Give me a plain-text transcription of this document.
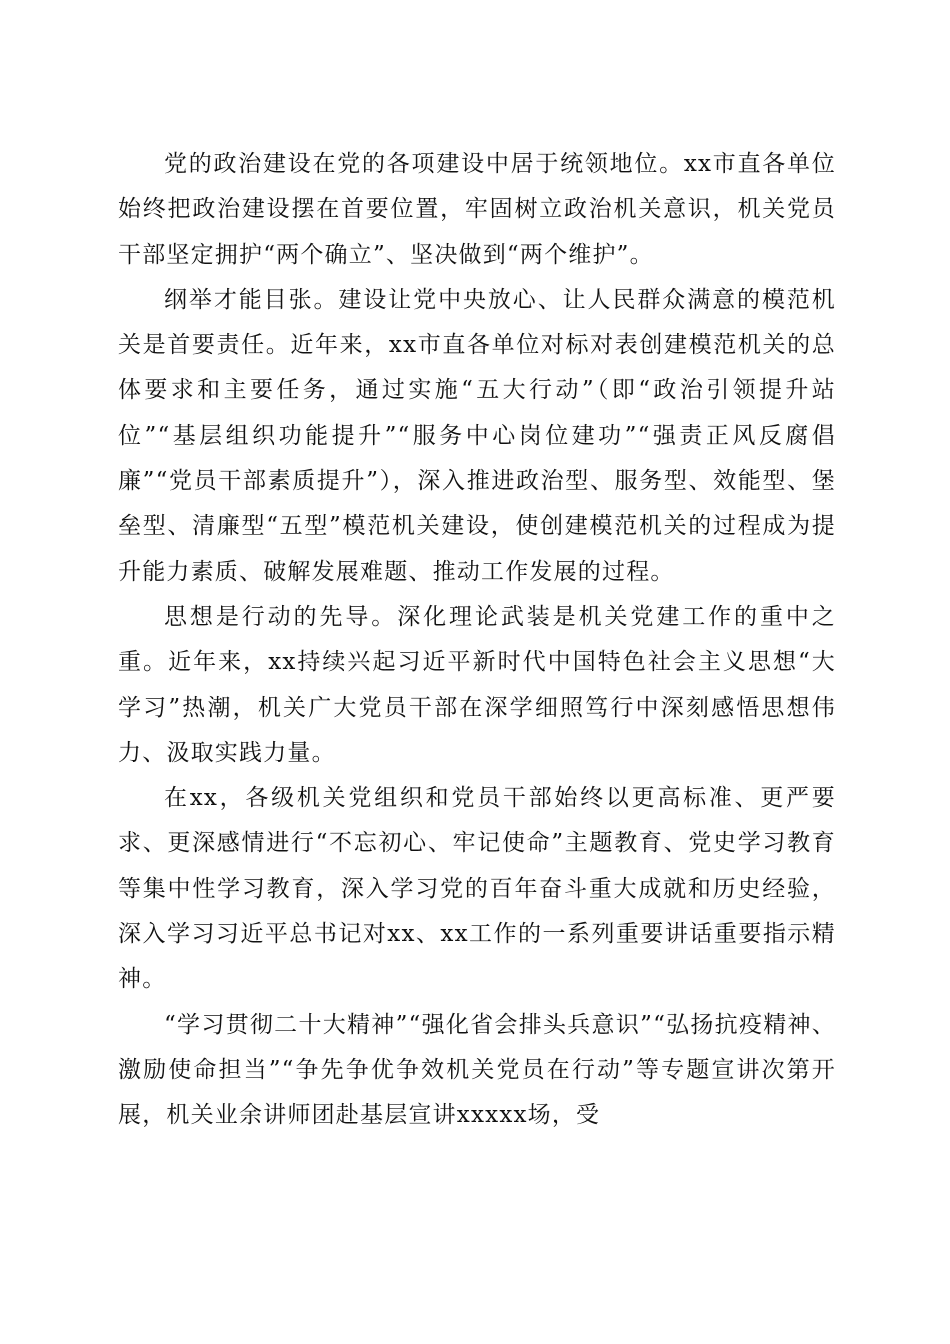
党的政治建设在党的各项建设中居于统领地位。xx市直各单位始终把政治建设摆在首要位置，牢固树立政治机关意识，机关党员干部坚定拥护“两个确立”、坚决做到“两个维护”。

纲举才能目张。建设让党中央放心、让人民群众满意的模范机关是首要责任。近年来，xx市直各单位对标对表创建模范机关的总体要求和主要任务，通过实施“五大行动”（即“政治引领提升站位”“基层组织功能提升”“服务中心岗位建功”“强责正风反腐倡廉”“党员干部素质提升”），深入推进政治型、服务型、效能型、堡垒型、清廉型“五型”模范机关建设，使创建模范机关的过程成为提升能力素质、破解发展难题、推动工作发展的过程。

思想是行动的先导。深化理论武装是机关党建工作的重中之重。近年来，xx持续兴起习近平新时代中国特色社会主义思想“大学习”热潮，机关广大党员干部在深学细照笃行中深刻感悟思想伟力、汲取实践力量。

在xx，各级机关党组织和党员干部始终以更高标准、更严要求、更深感情进行“不忘初心、牢记使命”主题教育、党史学习教育等集中性学习教育，深入学习党的百年奋斗重大成就和历史经验，深入学习习近平总书记对xx、xx工作的一系列重要讲话重要指示精神。

“学习贯彻二十大精神”“强化省会排头兵意识”“弘扬抗疫精神、激励使命担当”“争先争优争效机关党员在行动”等专题宣讲次第开展，机关业余讲师团赴基层宣讲xxxxx场，受
